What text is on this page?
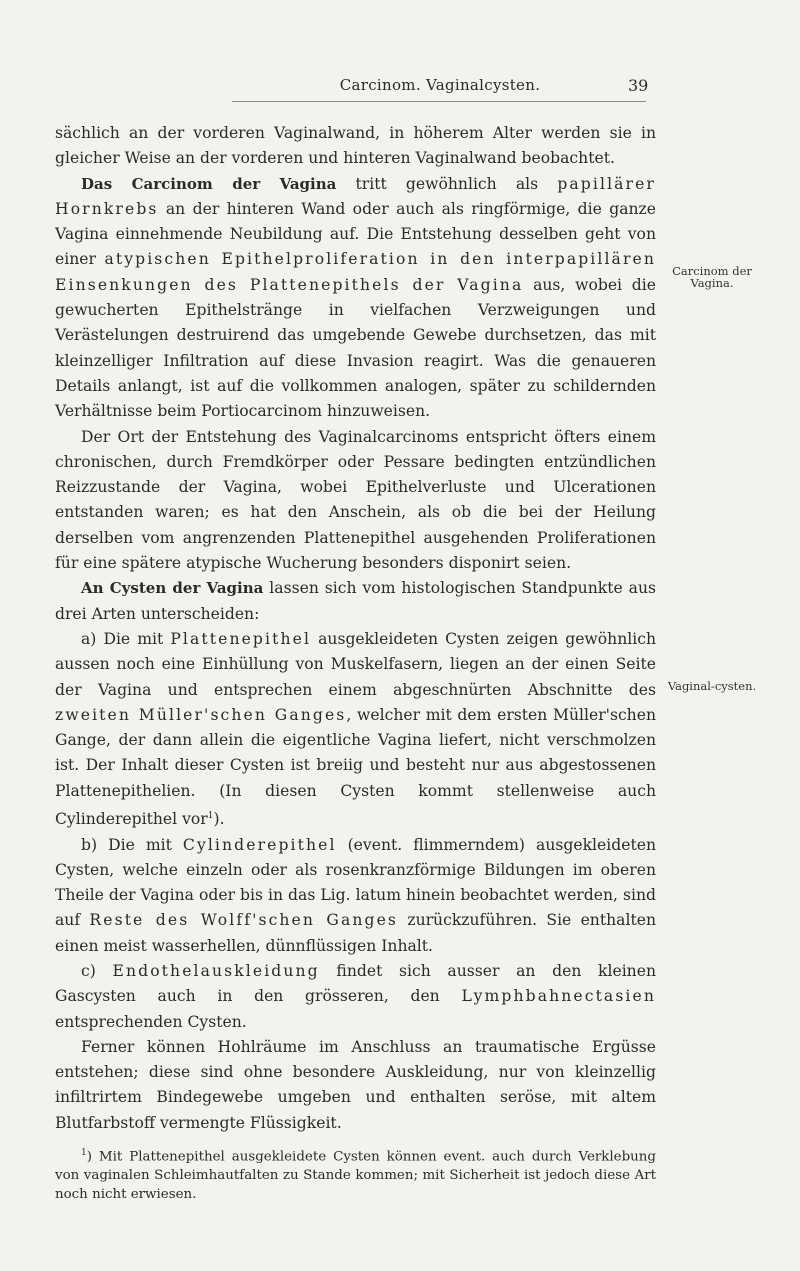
Carcinom. Vaginalcysten.	39
Carcinom der Vagina.
Vaginal-cysten.

sächlich an der vorderen Vaginalwand, in höherem Alter werden sie in gleicher Weise an der vorderen und hinteren Vaginalwand beobachtet.

Das Carcinom der Vagina tritt gewöhnlich als papillärer Hornkrebs an der hinteren Wand oder auch als ringförmige, die ganze Vagina einnehmende Neubildung auf. Die Entstehung desselben geht von einer atypischen Epithelproliferation in den interpapillären Einsenkungen des Plattenepithels der Vagina aus, wobei die gewucherten Epithelstränge in vielfachen Verzweigungen und Verästelungen destruirend das umgebende Gewebe durchsetzen, das mit kleinzelliger Infiltration auf diese Invasion reagirt. Was die genaueren Details anlangt, ist auf die vollkommen analogen, später zu schildernden Verhältnisse beim Portiocarcinom hinzuweisen.

Der Ort der Entstehung des Vaginalcarcinoms entspricht öfters einem chronischen, durch Fremdkörper oder Pessare bedingten entzündlichen Reizzustande der Vagina, wobei Epithelverluste und Ulcerationen entstanden waren; es hat den Anschein, als ob die bei der Heilung derselben vom angrenzenden Plattenepithel ausgehenden Proliferationen für eine spätere atypische Wucherung besonders disponirt seien.

An Cysten der Vagina lassen sich vom histologischen Standpunkte aus drei Arten unterscheiden:

a) Die mit Plattenepithel ausgekleideten Cysten zeigen gewöhnlich aussen noch eine Einhüllung von Muskelfasern, liegen an der einen Seite der Vagina und entsprechen einem abgeschnürten Abschnitte des zweiten Müller'schen Ganges, welcher mit dem ersten Müller'schen Gange, der dann allein die eigentliche Vagina liefert, nicht verschmolzen ist. Der Inhalt dieser Cysten ist breiig und besteht nur aus abgestossenen Plattenepithelien. (In diesen Cysten kommt stellenweise auch Cylinderepithel vor$^1$).

b) Die mit Cylinderepithel (event. flimmerndem) ausgekleideten Cysten, welche einzeln oder als rosenkranzförmige Bildungen im oberen Theile der Vagina oder bis in das Lig. latum hinein beobachtet werden, sind auf Reste des Wolff'schen Ganges zurückzuführen. Sie enthalten einen meist wasserhellen, dünnflüssigen Inhalt.

c) Endothelauskleidung findet sich ausser an den kleinen Gascysten auch in den grösseren, den Lymphbahnectasien entsprechenden Cysten.

Ferner können Hohlräume im Anschluss an traumatische Ergüsse entstehen; diese sind ohne besondere Auskleidung, nur von kleinzellig infiltrirtem Bindegewebe umgeben und enthalten seröse, mit altem Blutfarbstoff vermengte Flüssigkeit.

$^1$) Mit Plattenepithel ausgekleidete Cysten können event. auch durch Verklebung von vaginalen Schleimhautfalten zu Stande kommen; mit Sicherheit ist jedoch diese Art noch nicht erwiesen.
